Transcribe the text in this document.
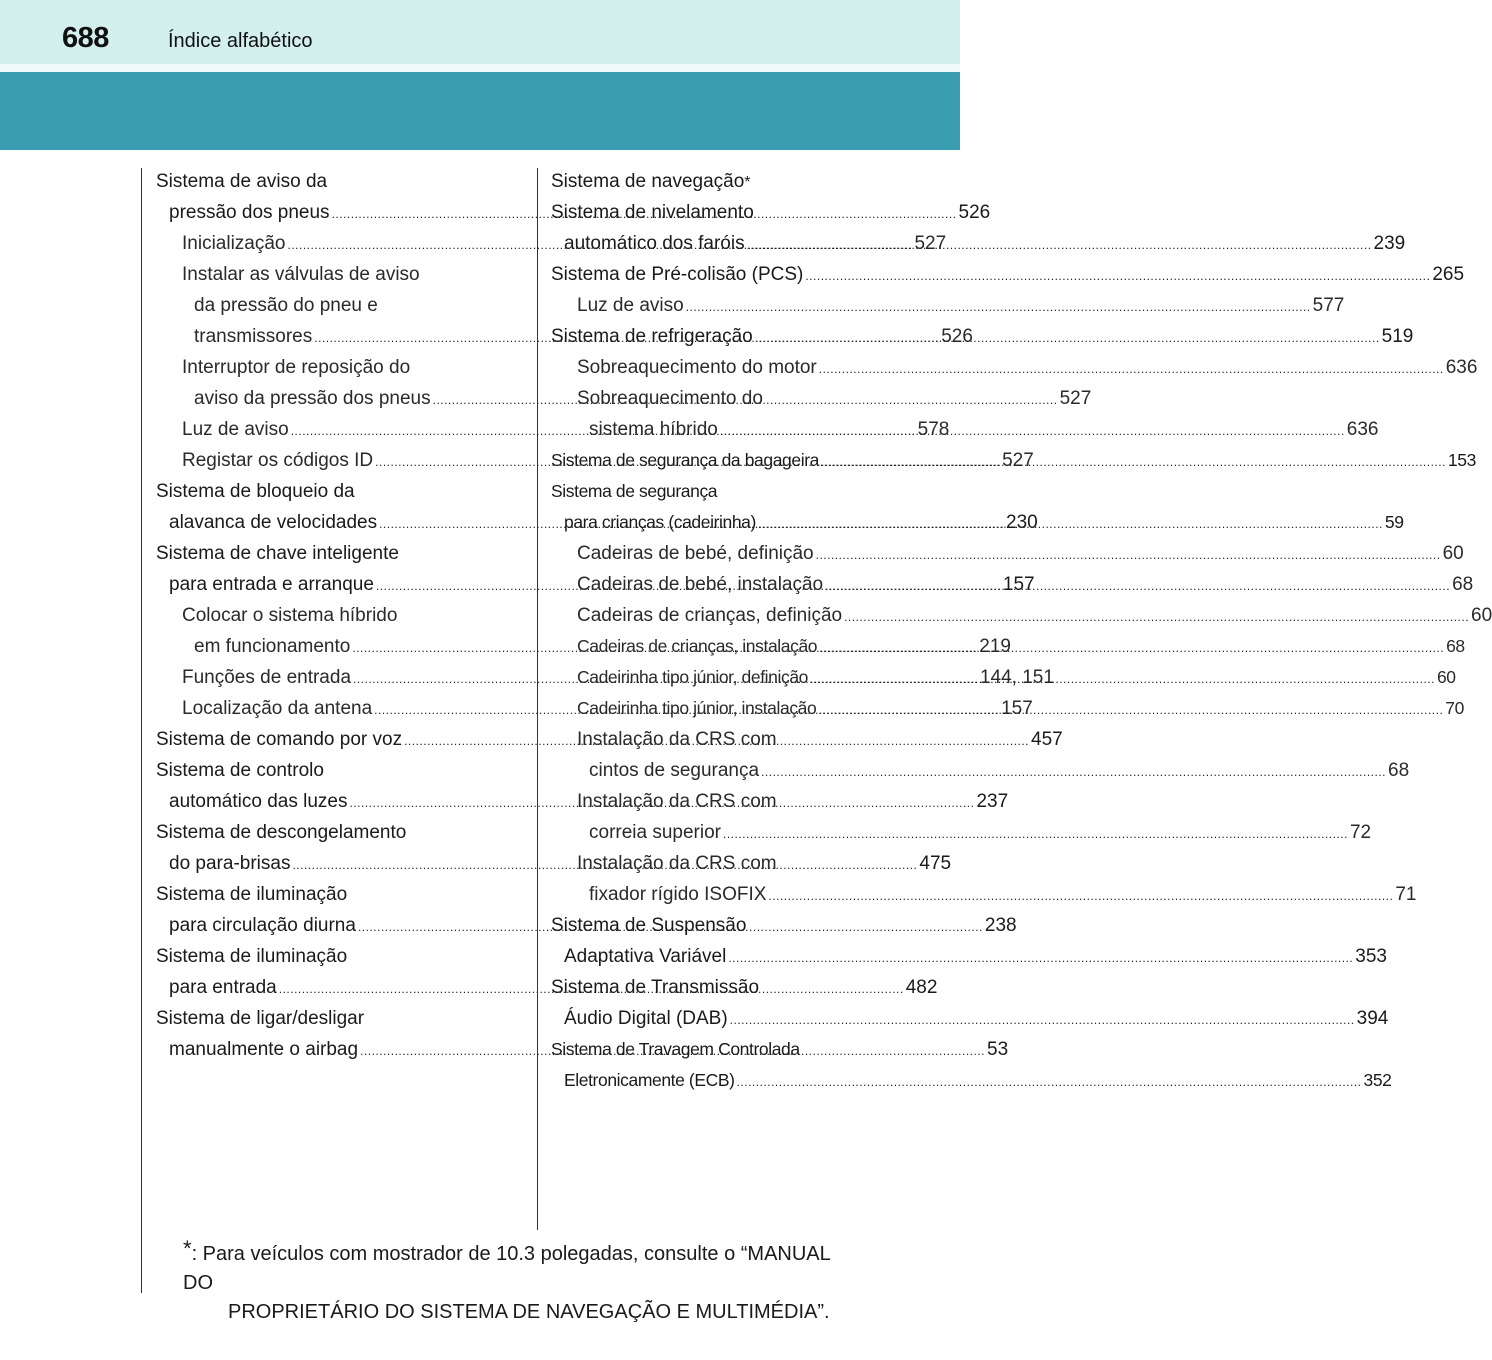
688	Índice alfabético
Sistema de aviso da
pressão dos pneus .....	526
Inicialização .....	527
Instalar as válvulas de aviso
da pressão do pneu e
transmissores .....	526
Interruptor de reposição do
aviso da pressão dos pneus .....	527
Luz de aviso .....	578
Registar os códigos ID .....	527
Sistema de bloqueio da
alavanca de velocidades .....	230
Sistema de chave inteligente
para entrada e arranque .....	157
Colocar o sistema híbrido
em funcionamento .....	219
Funções de entrada .....	144, 151
Localização da antena .....	157
Sistema de comando por voz .....	457
Sistema de controlo
automático das luzes .....	237
Sistema de descongelamento
do para-brisas .....	475
Sistema de iluminação
para circulação diurna .....	238
Sistema de iluminação
para entrada .....	482
Sistema de ligar/desligar
manualmente o airbag .....	53
Sistema de navegação *
Sistema de nivelamento
automático dos faróis .....	239
Sistema de Pré-colisão (PCS) .....	265
Luz de aviso .....	577
Sistema de refrigeração .....	519
Sobreaquecimento do motor .....	636
Sobreaquecimento do
sistema híbrido .....	636
Sistema de segurança da bagageira .....	153
Sistema de segurança
para crianças (cadeirinha) .....	59
Cadeiras de bebé, definição .....	60
Cadeiras de bebé, instalação .....	68
Cadeiras de crianças, definição .....	60
Cadeiras de crianças, instalação .....	68
Cadeirinha tipo júnior, definição .....	60
Cadeirinha tipo júnior, instalação .....	70
Instalação da CRS com
cintos de segurança .....	68
Instalação da CRS com
correia superior .....	72
Instalação da CRS com
fixador rígido ISOFIX .....	71
Sistema de Suspensão
Adaptativa Variável .....	353
Sistema de Transmissão
Áudio Digital (DAB) .....	394
Sistema de Travagem Controlada
Eletronicamente (ECB) .....	352
*: Para veículos com mostrador de 10.3 polegadas, consulte o “MANUAL DO
PROPRIETÁRIO DO SISTEMA DE NAVEGAÇÃO E MULTIMÉDIA”.
